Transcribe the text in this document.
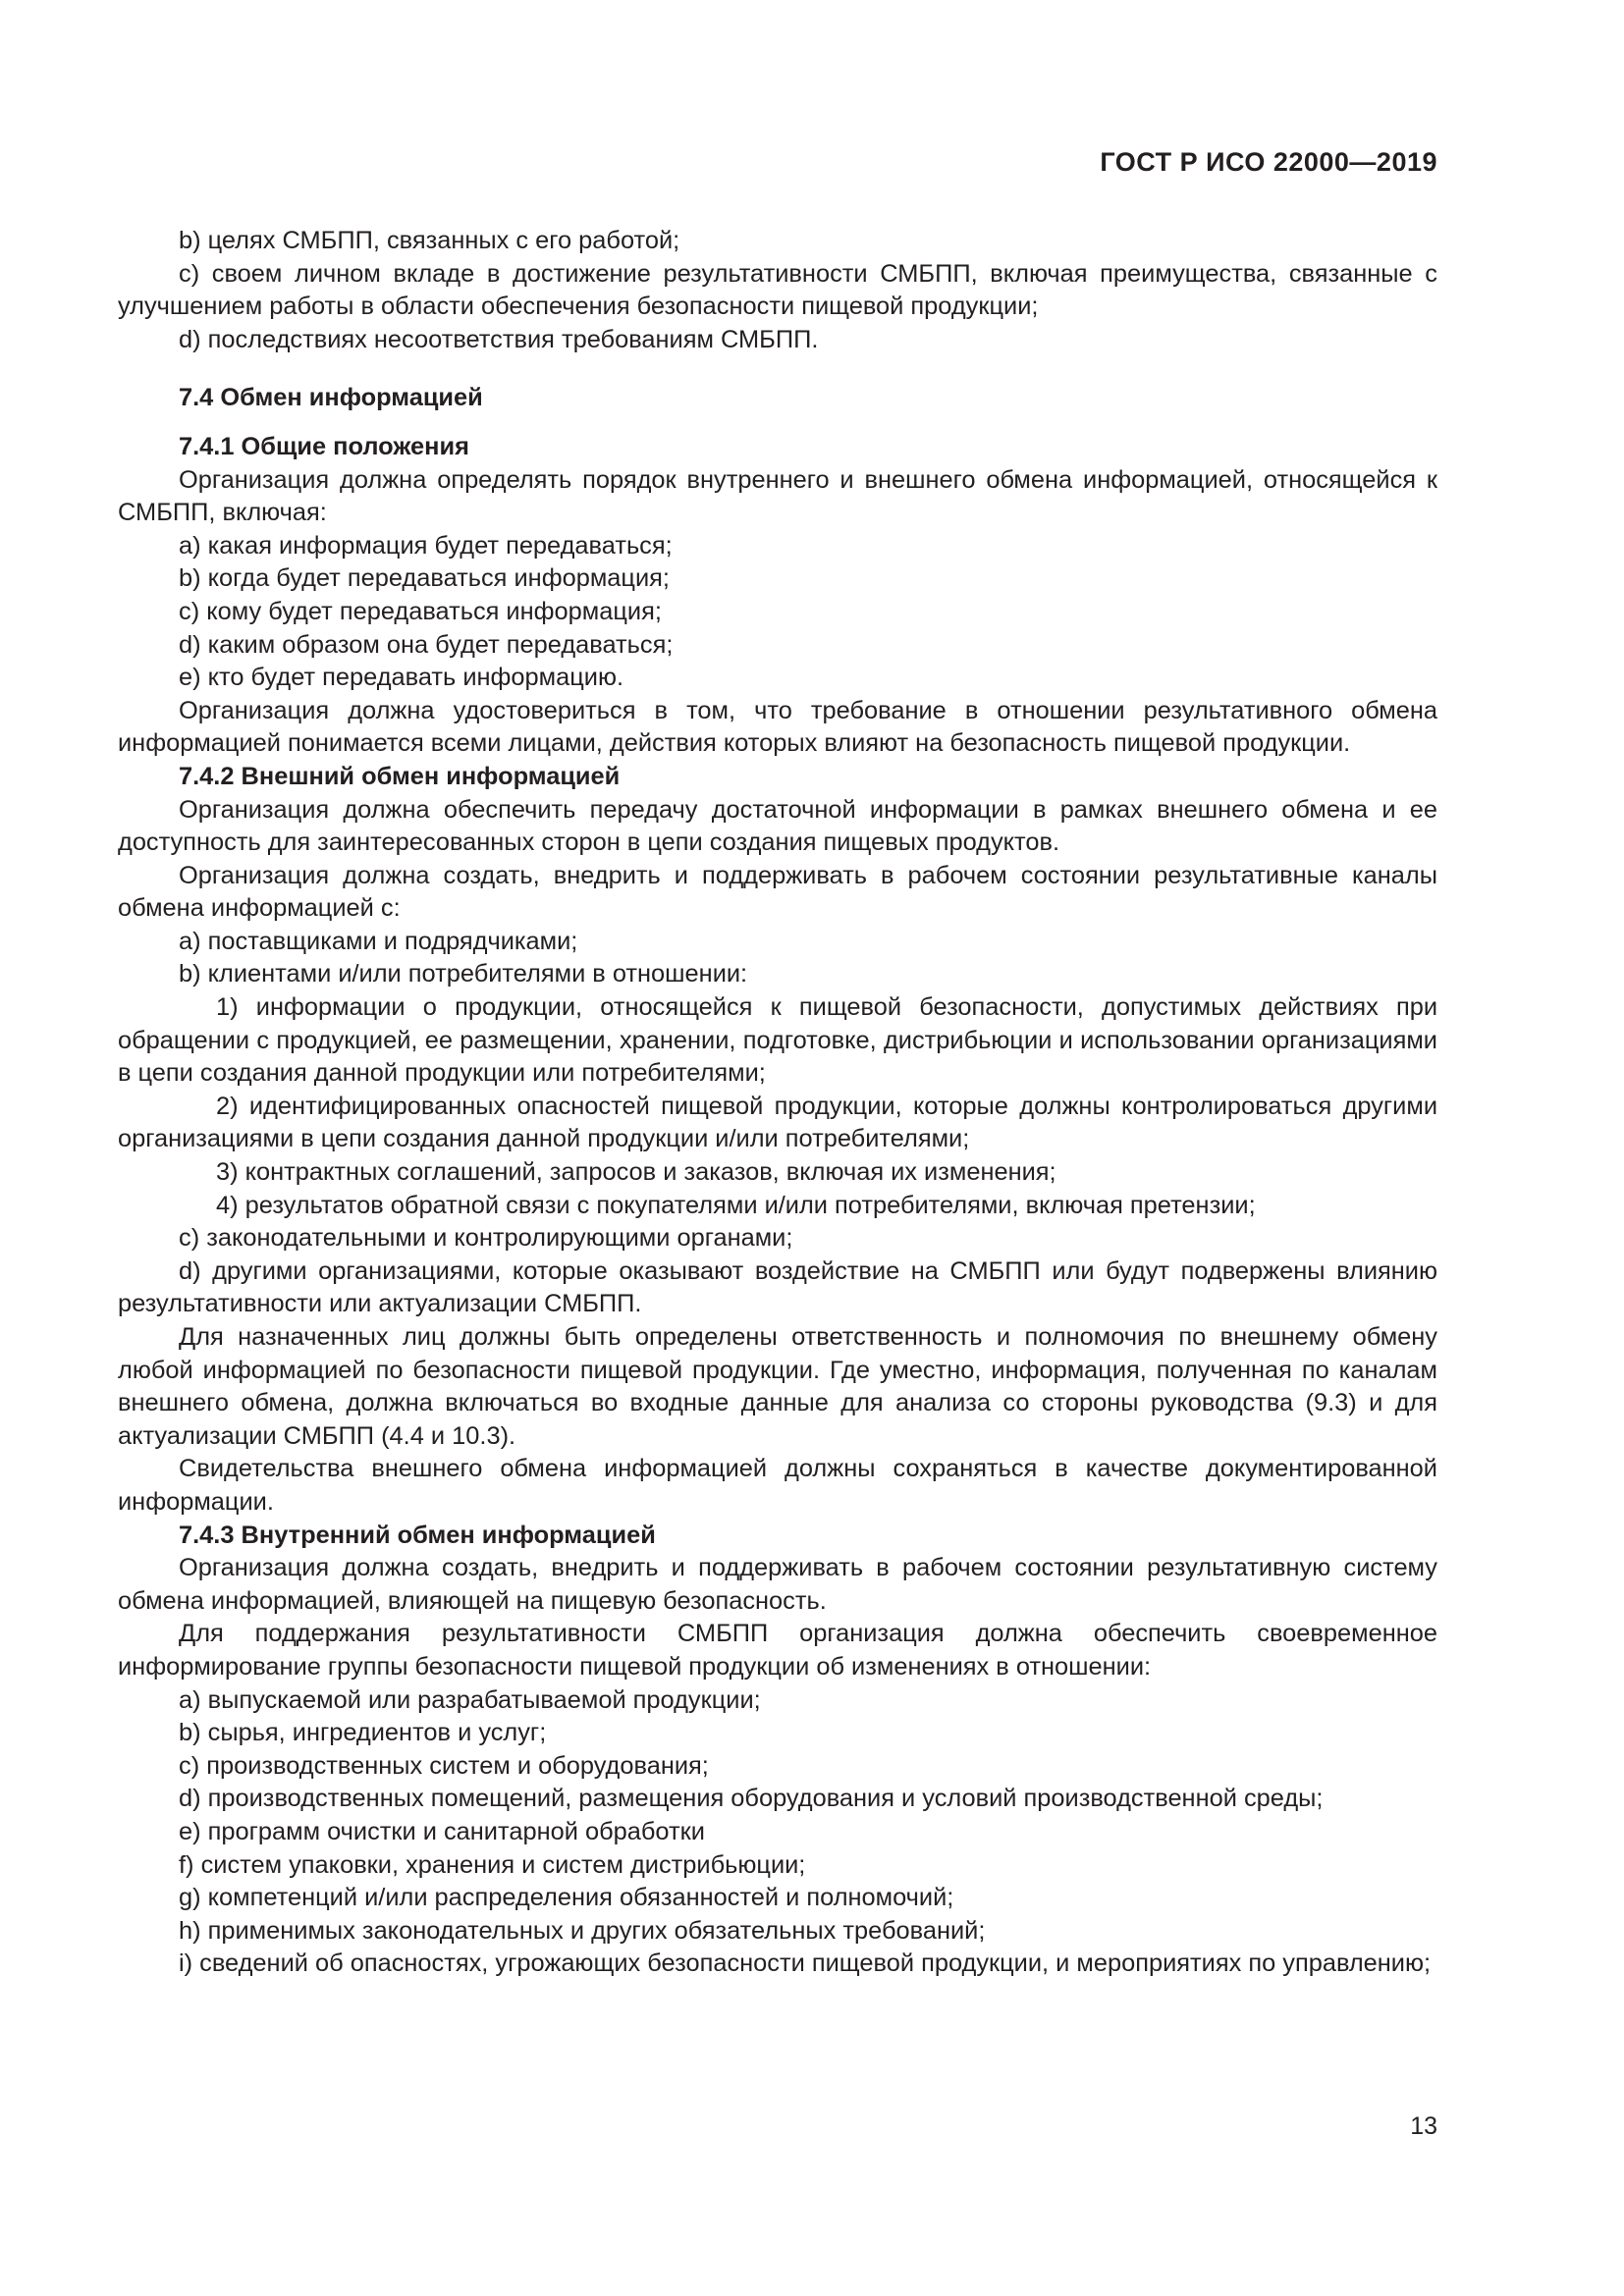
ГОСТ Р ИСО 22000—2019

b) целях СМБПП, связанных с его работой;

c) своем личном вкладе в достижение результативности СМБПП, включая преимущества, связанные с улучшением работы в области обеспечения безопасности пищевой продукции;

d) последствиях несоответствия требованиям СМБПП.

7.4 Обмен информацией

7.4.1 Общие положения

Организация должна определять порядок внутреннего и внешнего обмена информацией, относящейся к СМБПП, включая:

a) какая информация будет передаваться;

b) когда будет передаваться информация;

c) кому будет передаваться информация;

d) каким образом она будет передаваться;

e) кто будет передавать информацию.

Организация должна удостовериться в том, что требование в отношении результативного обмена информацией понимается всеми лицами, действия которых влияют на безопасность пищевой продукции.

7.4.2 Внешний обмен информацией

Организация должна обеспечить передачу достаточной информации в рамках внешнего обмена и ее доступность для заинтересованных сторон в цепи создания пищевых продуктов.

Организация должна создать, внедрить и поддерживать в рабочем состоянии результативные каналы обмена информацией с:

a) поставщиками и подрядчиками;

b) клиентами и/или потребителями в отношении:

1) информации о продукции, относящейся к пищевой безопасности, допустимых действиях при обращении с продукцией, ее размещении, хранении, подготовке, дистрибьюции и использовании организациями в цепи создания данной продукции или потребителями;

2) идентифицированных опасностей пищевой продукции, которые должны контролироваться другими организациями в цепи создания данной продукции и/или потребителями;

3) контрактных соглашений, запросов и заказов, включая их изменения;

4) результатов обратной связи с покупателями и/или потребителями, включая претензии;

c) законодательными и контролирующими органами;

d) другими организациями, которые оказывают воздействие на СМБПП или будут подвержены влиянию результативности или актуализации СМБПП.

Для назначенных лиц должны быть определены ответственность и полномочия по внешнему обмену любой информацией по безопасности пищевой продукции. Где уместно, информация, полученная по каналам внешнего обмена, должна включаться во входные данные для анализа со стороны руководства (9.3) и для актуализации СМБПП (4.4 и 10.3).

Свидетельства внешнего обмена информацией должны сохраняться в качестве документированной информации.

7.4.3 Внутренний обмен информацией

Организация должна создать, внедрить и поддерживать в рабочем состоянии результативную систему обмена информацией, влияющей на пищевую безопасность.

Для поддержания результативности СМБПП организация должна обеспечить своевременное информирование группы безопасности пищевой продукции об изменениях в отношении:

a) выпускаемой или разрабатываемой продукции;

b) сырья, ингредиентов и услуг;

c) производственных систем и оборудования;

d) производственных помещений, размещения оборудования и условий производственной среды;

e) программ очистки и санитарной обработки

f) систем упаковки, хранения и систем дистрибьюции;

g) компетенций и/или распределения обязанностей и полномочий;

h) применимых законодательных и других обязательных требований;

i) сведений об опасностях, угрожающих безопасности пищевой продукции, и мероприятиях по управлению;

13
